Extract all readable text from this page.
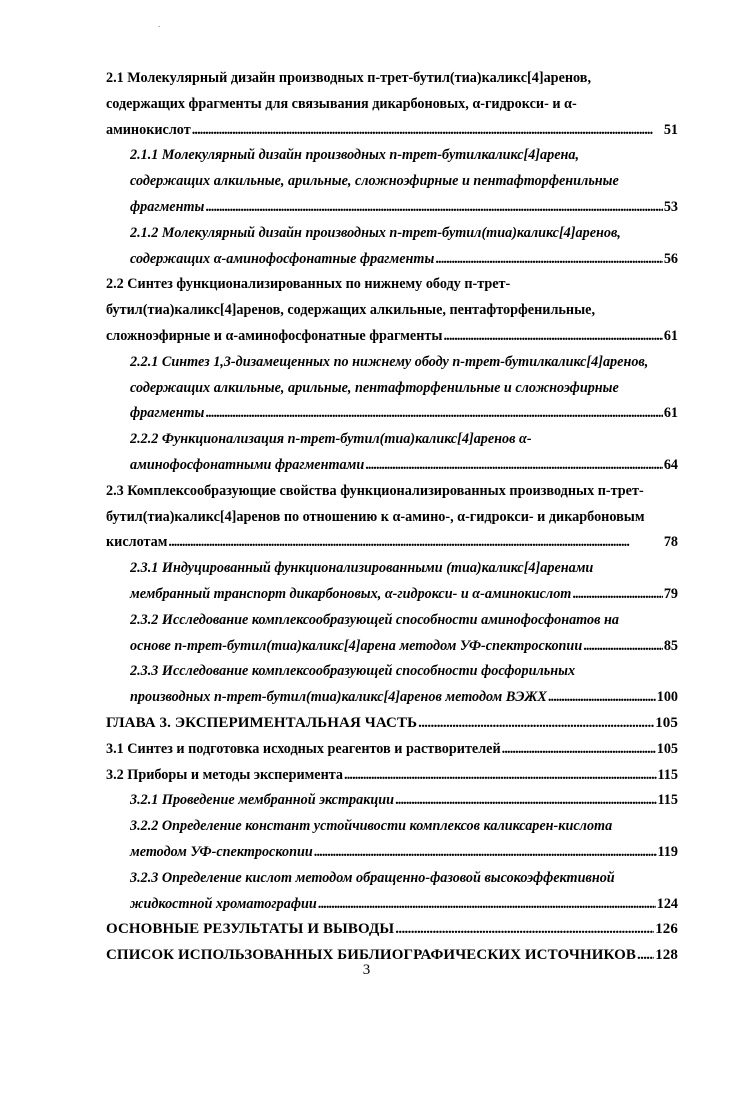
.
2.1 Молекулярный дизайн производных п-трет-бутил(тиа)каликс[4]аренов,
содержащих фрагменты для связывания дикарбоновых, α-гидрокси- и α-
аминокислот . . .	51
2.1.1 Молекулярный дизайн производных п-трет-бутилкаликс[4]арена,
содержащих алкильные, арильные, сложноэфирные и пентафторфенильные
фрагменты . . .	53
2.1.2 Молекулярный дизайн производных п-трет-бутил(тиа)каликс[4]аренов,
содержащих α-аминофосфонатные фрагменты . . .	56
2.2 Синтез функционализированных по нижнему ободу п-трет-
бутил(тиа)каликс[4]аренов, содержащих алкильные, пентафторфенильные,
сложноэфирные и α-аминофосфонатные фрагменты . . .	61
2.2.1 Синтез 1,3-дизамещенных по нижнему ободу п-трет-бутилкаликс[4]аренов,
содержащих алкильные, арильные, пентафторфенильные и сложноэфирные
фрагменты . . .	61
2.2.2 Функционализация п-трет-бутил(тиа)каликс[4]аренов α-
аминофосфонатными фрагментами . . .	64
2.3 Комплексообразующие свойства функционализированных производных п-трет-
бутил(тиа)каликс[4]аренов по отношению к α-амино-, α-гидрокси- и дикарбоновым
кислотам . . .	78
2.3.1 Индуцированный функционализированными (тиа)каликс[4]аренами
мембранный транспорт дикарбоновых, α-гидрокси- и α-аминокислот . . .	79
2.3.2 Исследование комплексообразующей способности аминофосфонатов на
основе п-трет-бутил(тиа)каликс[4]арена методом УФ-спектроскопии . . .	85
2.3.3 Исследование комплексообразующей способности фосфорильных
производных п-трет-бутил(тиа)каликс[4]аренов методом ВЭЖХ . . .	100
ГЛАВА 3. ЭКСПЕРИМЕНТАЛЬНАЯ ЧАСТЬ . . .	105
3.1 Синтез и подготовка исходных реагентов и растворителей . . .	105
3.2 Приборы и методы эксперимента . . .	115
3.2.1 Проведение мембранной экстракции . . .	115
3.2.2 Определение констант устойчивости комплексов каликсарен-кислота
методом УФ-спектроскопии . . .	119
3.2.3 Определение кислот методом обращенно-фазовой высокоэффективной
жидкостной хроматографии . . .	124
ОСНОВНЫЕ РЕЗУЛЬТАТЫ И ВЫВОДЫ . . .	126
СПИСОК ИСПОЛЬЗОВАННЫХ БИБЛИОГРАФИЧЕСКИХ ИСТОЧНИКОВ . . . 128
3
